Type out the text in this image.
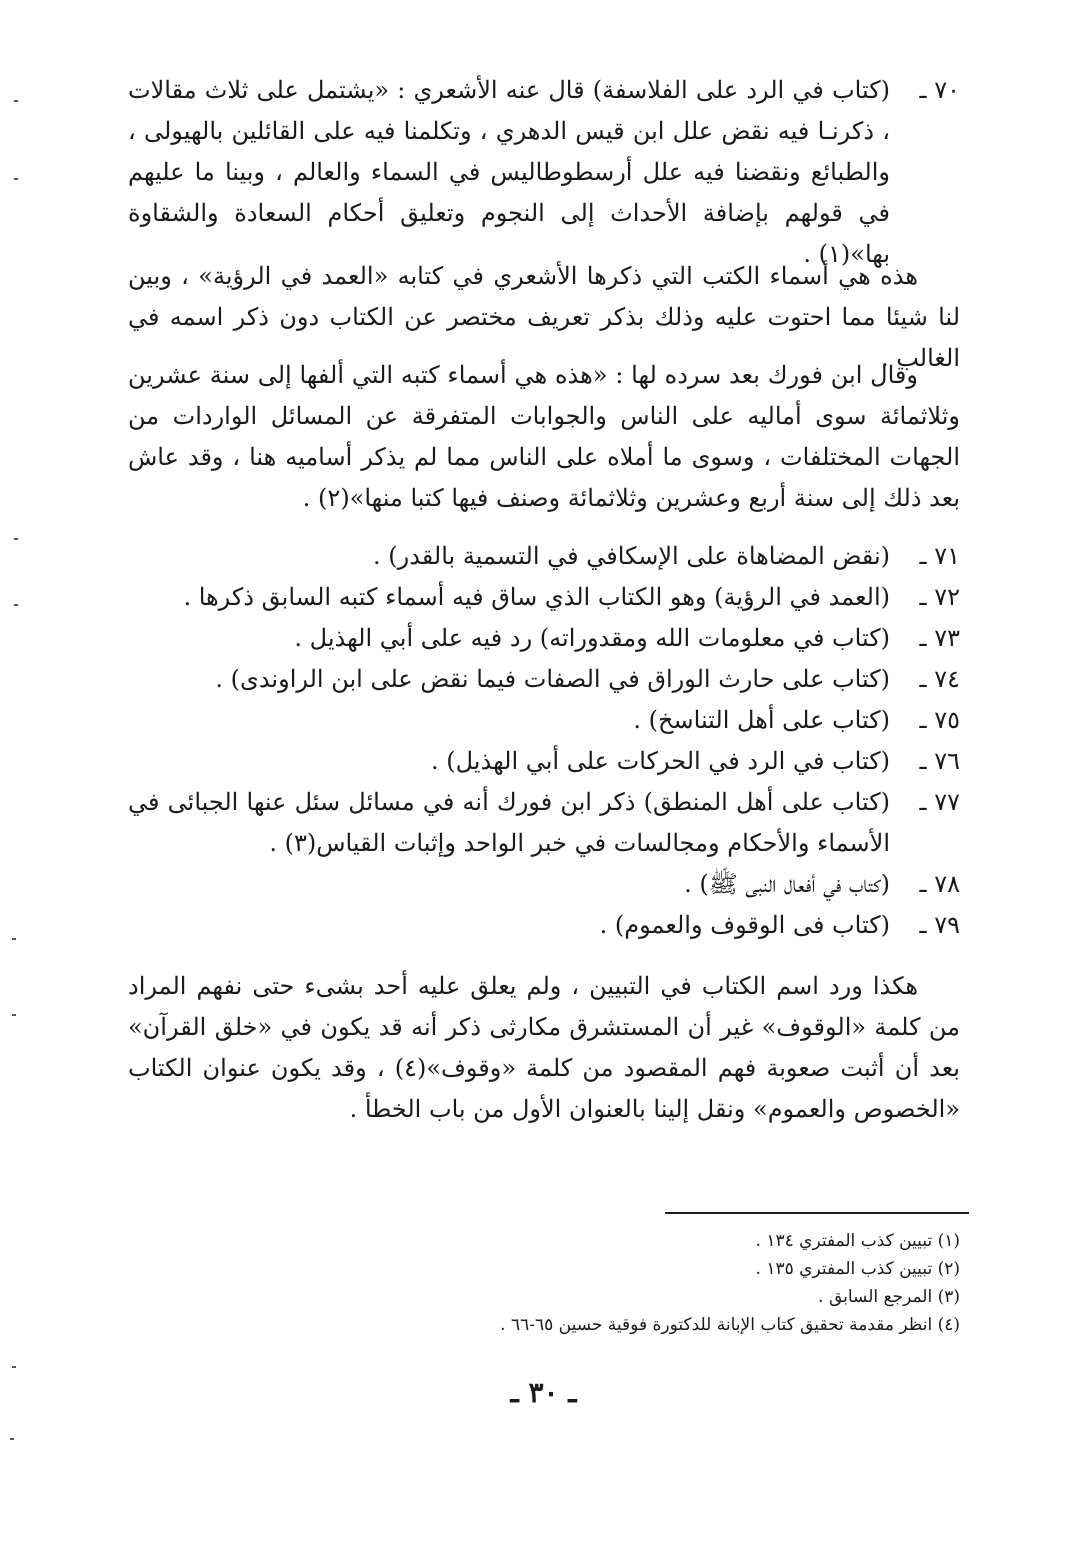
٧٠ ـ
(كتاب في الرد على الفلاسفة) قال عنه الأشعري : «يشتمل على ثلاث مقالات ، ذكرنـا فيه نقض علل ابن قيس الدهري ، وتكلمنا فيه على القائلين بالهيولى ، والطبائع ونقضنا فيه علل أرسطوطاليس في السماء والعالم ، وبينا ما عليهم في قولهم بإضافة الأحداث إلى النجوم وتعليق أحكام السعادة والشقاوة بها»(١) .

هذه هي أسماء الكتب التي ذكرها الأشعري في كتابه «العمد في الرؤية» ، وبين لنا شيئا مما احتوت عليه وذلك بذكر تعريف مختصر عن الكتاب دون ذكر اسمه في الغالب .

وقال ابن فورك بعد سرده لها : «هذه هي أسماء كتبه التي ألفها إلى سنة عشرين وثلاثمائة سوى أماليه على الناس والجوابات المتفرقة عن المسائل الواردات من الجهات المختلفات ، وسوى ما أملاه على الناس مما لم يذكر أساميه هنا ، وقد عاش بعد ذلك إلى سنة أربع وعشرين وثلاثمائة وصنف فيها كتبا منها»(٢) .

٧١ ـ
(نقض المضاهاة على الإسكافي في التسمية بالقدر) .
٧٢ ـ
(العمد في الرؤية) وهو الكتاب الذي ساق فيه أسماء كتبه السابق ذكرها .
٧٣ ـ
(كتاب في معلومات الله ومقدوراته) رد فيه على أبي الهذيل .
٧٤ ـ
(كتاب على حارث الوراق في الصفات فيما نقض على ابن الراوندى) .
٧٥ ـ
(كتاب على أهل التناسخ) .
٧٦ ـ
(كتاب في الرد في الحركات على أبي الهذيل) .
٧٧ ـ
(كتاب على أهل المنطق) ذكر ابن فورك أنه في مسائل سئل عنها الجبائى في الأسماء والأحكام ومجالسات في خبر الواحد وإثبات القياس(٣) .
٧٨ ـ
(كتاب في أفعال النبى ﷺ) .
٧٩ ـ
(كتاب فى الوقوف والعموم) .

هكذا ورد اسم الكتاب في التبيين ، ولم يعلق عليه أحد بشىء حتى نفهم المراد من كلمة «الوقوف» غير أن المستشرق مكارثى ذكر أنه قد يكون في «خلق القرآن» بعد أن أثبت صعوبة فهم المقصود من كلمة «وقوف»(٤) ، وقد يكون عنوان الكتاب «الخصوص والعموم» ونقل إلينا بالعنوان الأول من باب الخطأ .

(١) تبيين كذب المفتري ١٣٤ .
(٢) تبيين كذب المفتري ١٣٥ .
(٣) المرجع السابق .
(٤) انظر مقدمة تحقيق كتاب الإبانة للدكتورة فوقية حسين ٦٥-٦٦ .
ـ ٣٠ ـ
